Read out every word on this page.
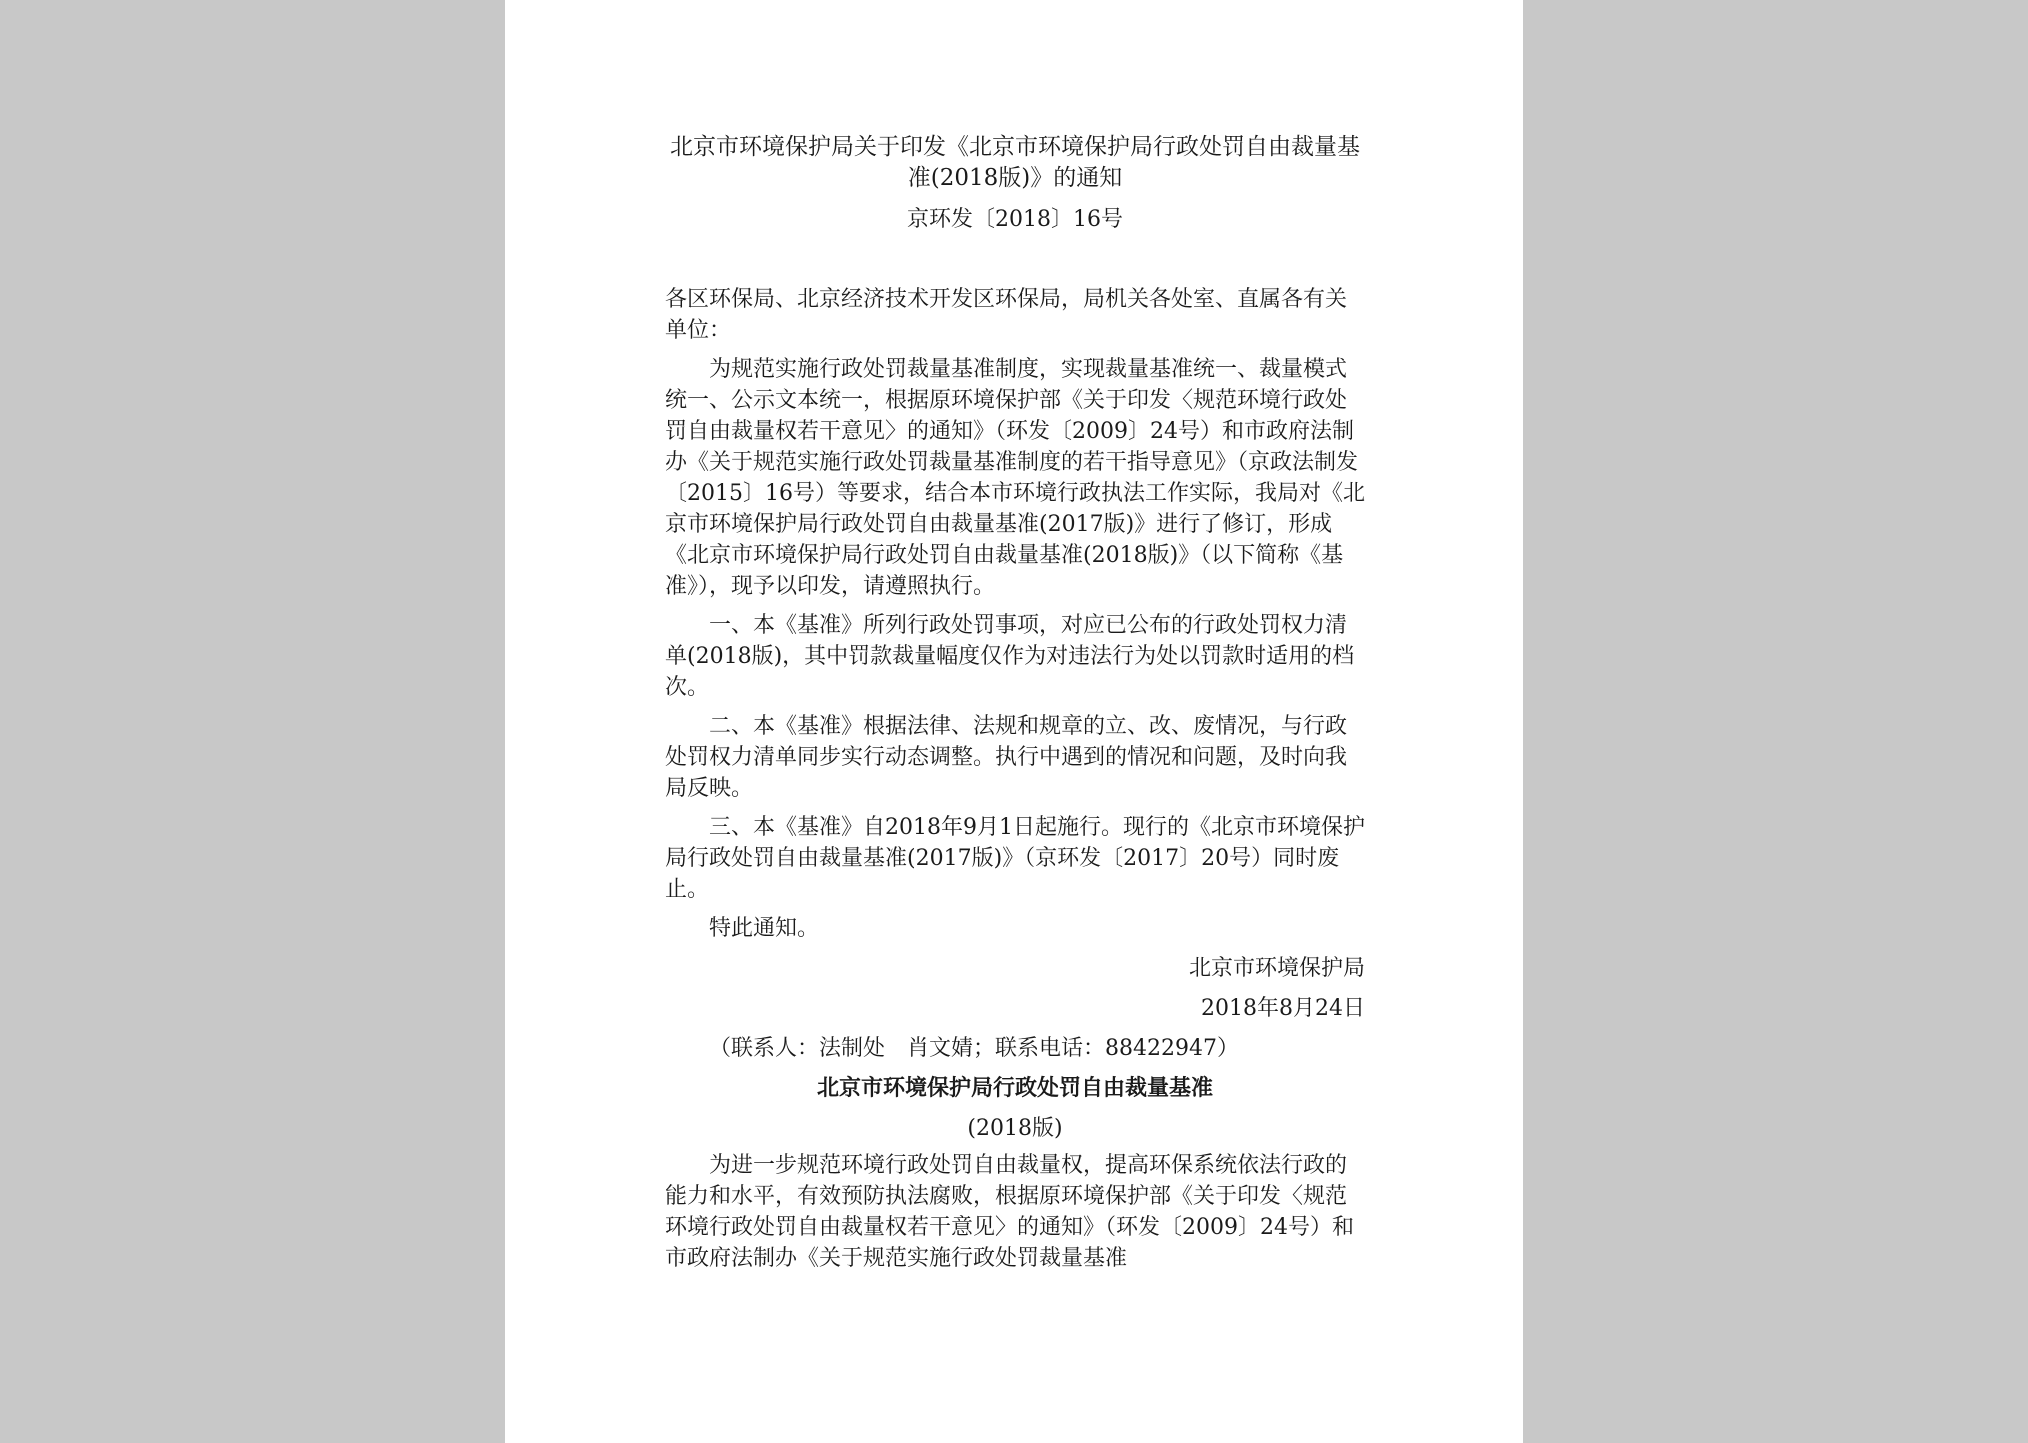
北京市环境保护局关于印发《北京市环境保护局行政处罚自由裁量基准(2018版)》的通知

京环发〔2018〕16号

各区环保局、北京经济技术开发区环保局，局机关各处室、直属各有关单位：

为规范实施行政处罚裁量基准制度，实现裁量基准统一、裁量模式统一、公示文本统一，根据原环境保护部《关于印发〈规范环境行政处罚自由裁量权若干意见〉的通知》（环发〔2009〕24号）和市政府法制办《关于规范实施行政处罚裁量基准制度的若干指导意见》（京政法制发〔2015〕16号）等要求，结合本市环境行政执法工作实际，我局对《北京市环境保护局行政处罚自由裁量基准(2017版)》进行了修订，形成《北京市环境保护局行政处罚自由裁量基准(2018版)》（以下简称《基准》），现予以印发，请遵照执行。

一、本《基准》所列行政处罚事项，对应已公布的行政处罚权力清单(2018版)，其中罚款裁量幅度仅作为对违法行为处以罚款时适用的档次。

二、本《基准》根据法律、法规和规章的立、改、废情况，与行政处罚权力清单同步实行动态调整。执行中遇到的情况和问题，及时向我局反映。

三、本《基准》自2018年9月1日起施行。现行的《北京市环境保护局行政处罚自由裁量基准(2017版)》（京环发〔2017〕20号）同时废止。

特此通知。

北京市环境保护局

2018年8月24日

（联系人：法制处　肖文婧；联系电话：88422947）

北京市环境保护局行政处罚自由裁量基准

(2018版)

为进一步规范环境行政处罚自由裁量权，提高环保系统依法行政的能力和水平，有效预防执法腐败，根据原环境保护部《关于印发〈规范环境行政处罚自由裁量权若干意见〉的通知》（环发〔2009〕24号）和市政府法制办《关于规范实施行政处罚裁量基准
